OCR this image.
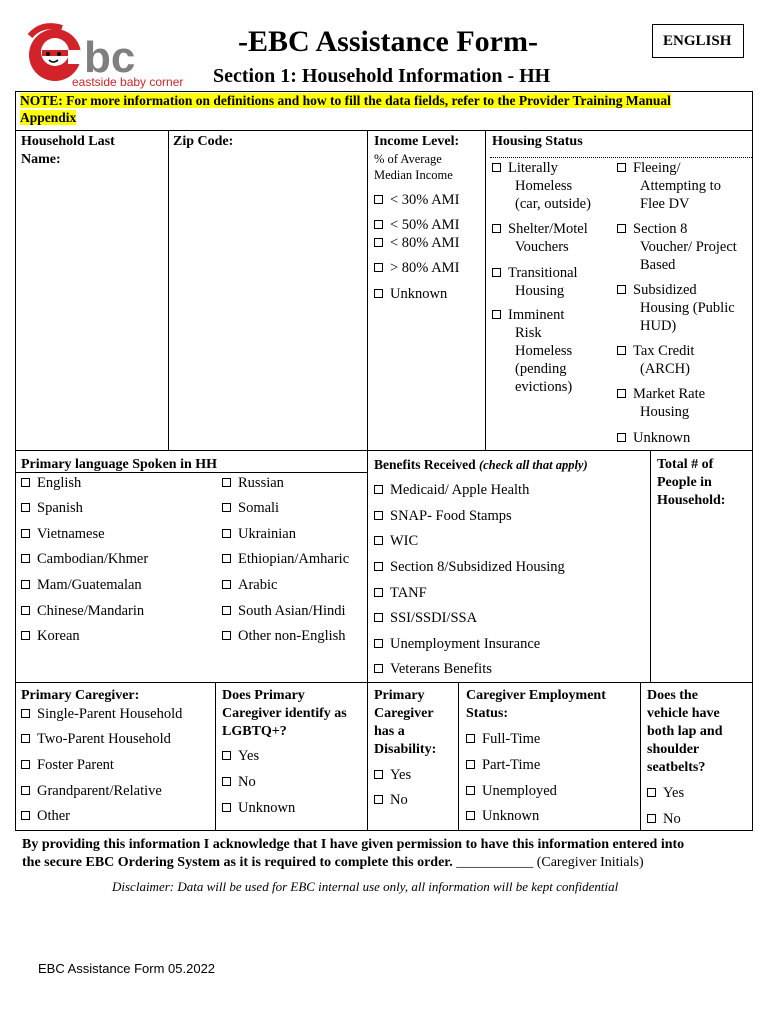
bc
eastside baby corner
-EBC Assistance Form-
Section 1: Household Information - HH
ENGLISH
NOTE: For more information on definitions and how to fill the data fields, refer to the Provider Training Manual
Appendix
Household Last
Name:
Zip Code:	Income Level:
% of Average
Median Income
< 30% AMI
< 50% AMI
< 80% AMI
> 80% AMI
Unknown
Housing Status
Literally
Homeless
(car, outside)
Shelter/Motel
Vouchers
Transitional
Housing
Imminent
Risk
Homeless
(pending
evictions)
Fleeing/
Attempting to
Flee DV
Section 8
Voucher/ Project
Based
Subsidized
Housing (Public
HUD)
Tax Credit
(ARCH)
Market Rate
Housing
Unknown
Primary language Spoken in HH
English
Spanish
Vietnamese
Cambodian/Khmer
Mam/Guatemalan
Chinese/Mandarin
Korean
Russian
Somali
Ukrainian
Ethiopian/Amharic
Arabic
South Asian/Hindi
Other non-English
Benefits Received (check all that apply)
Medicaid/ Apple Health
SNAP- Food Stamps
WIC
Section 8/Subsidized Housing
TANF
SSI/SSDI/SSA
Unemployment Insurance
Veterans Benefits
Total # of
People in
Household:
Primary Caregiver:
Single-Parent Household
Two-Parent Household
Foster Parent
Grandparent/Relative
Other
Does Primary
Caregiver identify as
LGBTQ+?
Yes
No
Unknown
Primary
Caregiver
has a
Disability:
Yes
No
Caregiver Employment
Status:
Full-Time
Part-Time
Unemployed
Unknown
Does the
vehicle have
both lap and
shoulder
seatbelts?
Yes
No
By providing this information I acknowledge that I have given permission to have this information entered into
the secure EBC Ordering System as it is required to complete this order. ___________ (Caregiver Initials)
Disclaimer: Data will be used for EBC internal use only, all information will be kept confidential
EBC Assistance Form 05.2022
